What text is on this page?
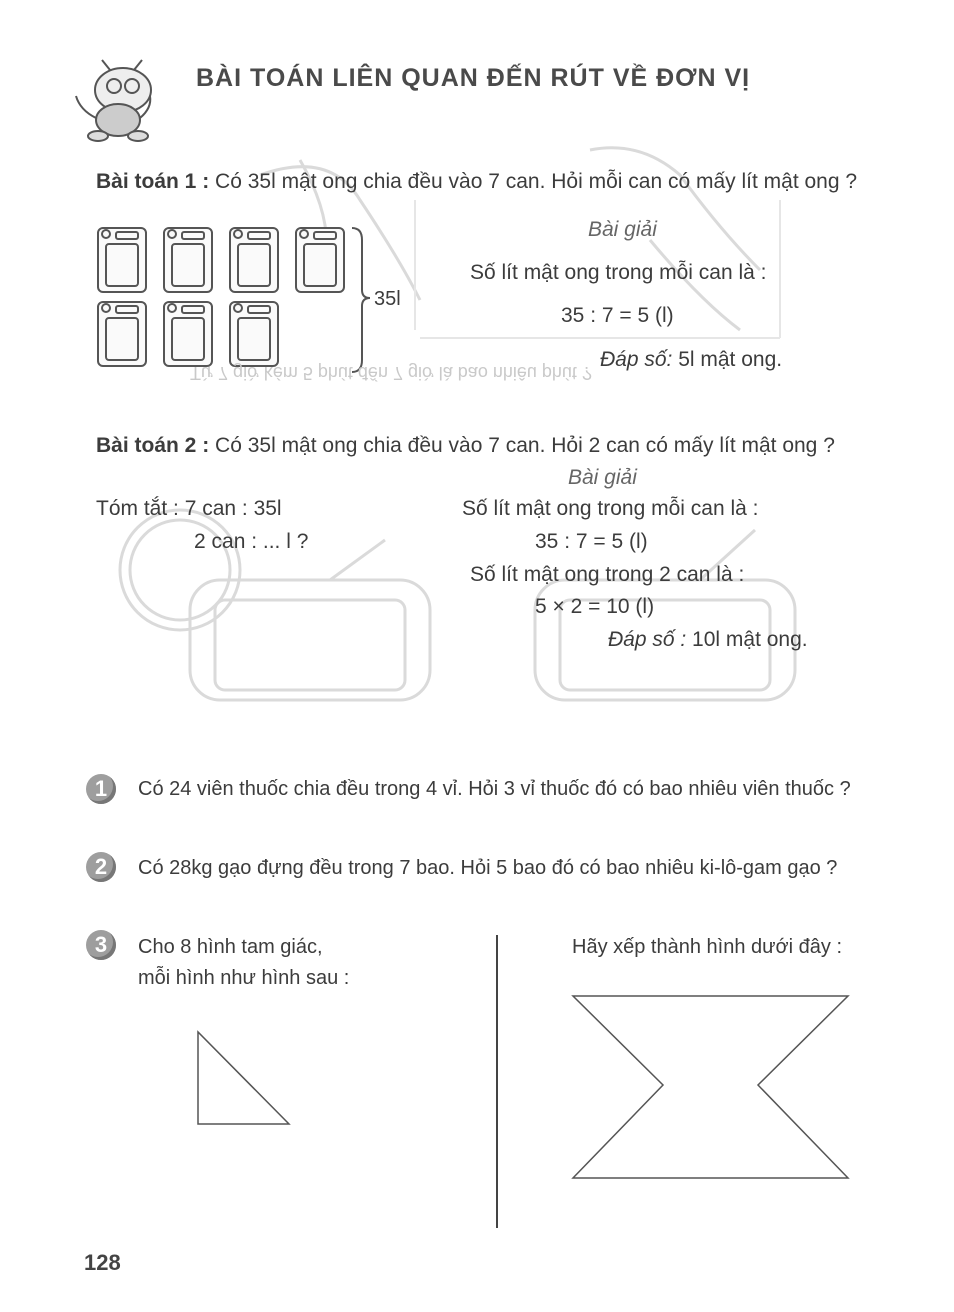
BÀI TOÁN LIÊN QUAN ĐẾN RÚT VỀ ĐƠN VỊ
Bài toán 1 : Có 35l mật ong chia đều vào 7 can. Hỏi mỗi can có mấy lít mật ong ?
35l
Bài giải
Số lít mật ong trong mỗi can là :
35 : 7 = 5 (l)
Đáp số: 5l mật ong.
Từ 7 giờ kém 5 phút đến 7 giờ là bao nhiêu phút ?
Bài toán 2 : Có 35l mật ong chia đều vào 7 can. Hỏi 2 can có mấy lít mật ong ?
Bài giải
Tóm tắt : 7 can : 35l
2 can : ... l ?
Số lít mật ong trong mỗi can là :
35 : 7 = 5 (l)
Số lít mật ong trong 2 can là :
5 × 2 = 10 (l)
Đáp số : 10l mật ong.
1	Có 24 viên thuốc chia đều trong 4 vỉ. Hỏi 3 vỉ thuốc đó có bao nhiêu viên thuốc ?
2	Có 28kg gạo đựng đều trong 7 bao. Hỏi 5 bao đó có bao nhiêu ki-lô-gam gạo ?
3	Cho 8 hình tam giác,
mỗi hình như hình sau :
Hãy xếp thành hình dưới đây :
128
